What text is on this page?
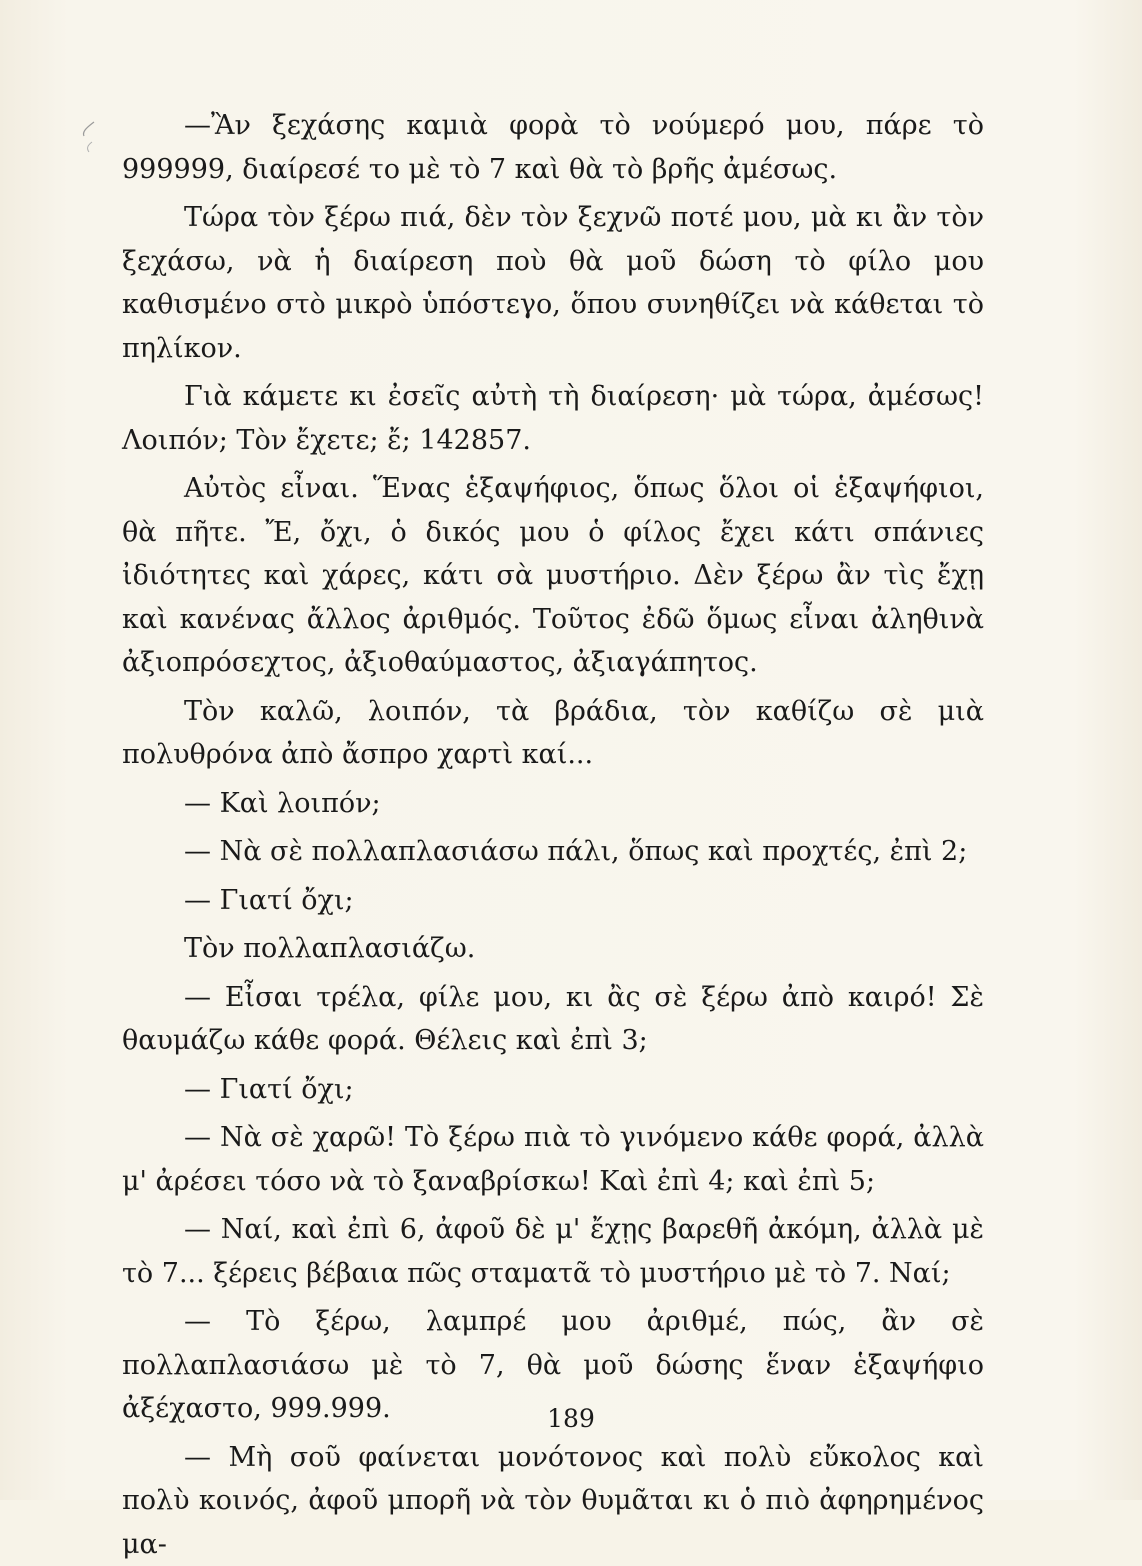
—Ἂν ξεχάσης καμιὰ φορὰ τὸ νούμερό μου, πάρε τὸ 999999, διαίρεσέ το μὲ τὸ 7 καὶ θὰ τὸ βρῆς ἀμέσως.

Τώρα τὸν ξέρω πιά, δὲν τὸν ξεχνῶ ποτέ μου, μὰ κι ἂν τὸν ξεχάσω, νὰ ἡ διαίρεση ποὺ θὰ μοῦ δώση τὸ φίλο μου καθισμένο στὸ μικρὸ ὑπόστεγο, ὅπου συνηθίζει νὰ κάθεται τὸ πηλίκον.

Γιὰ κάμετε κι ἐσεῖς αὐτὴ τὴ διαίρεση· μὰ τώρα, ἀμέσως! Λοιπόν; Τὸν ἔχετε; ἔ; 142857.

Αὐτὸς εἶναι. Ἕνας ἑξαψήφιος, ὅπως ὅλοι οἱ ἑξαψήφιοι, θὰ πῆτε. Ἔ, ὄχι, ὁ δικός μου ὁ φίλος ἔχει κάτι σπάνιες ἰδιότητες καὶ χάρες, κάτι σὰ μυστήριο. Δὲν ξέρω ἂν τὶς ἔχῃ καὶ κανένας ἄλλος ἀριθμός. Τοῦτος ἐδῶ ὅμως εἶναι ἀληθινὰ ἀξιοπρόσεχτος, ἀξιοθαύμαστος, ἀξιαγάπητος.

Τὸν καλῶ, λοιπόν, τὰ βράδια, τὸν καθίζω σὲ μιὰ πολυθρόνα ἀπὸ ἄσπρο χαρτὶ καί...

— Καὶ λοιπόν;

— Νὰ σὲ πολλαπλασιάσω πάλι, ὅπως καὶ προχτές, ἐπὶ 2;

— Γιατί ὄχι;

Τὸν πολλαπλασιάζω.

— Εἶσαι τρέλα, φίλε μου, κι ἂς σὲ ξέρω ἀπὸ καιρό! Σὲ θαυμάζω κάθε φορά. Θέλεις καὶ ἐπὶ 3;

— Γιατί ὄχι;

— Νὰ σὲ χαρῶ! Τὸ ξέρω πιὰ τὸ γινόμενο κάθε φορά, ἀλλὰ μ' ἀρέσει τόσο νὰ τὸ ξαναβρίσκω! Καὶ ἐπὶ 4; καὶ ἐπὶ 5;

— Ναί, καὶ ἐπὶ 6, ἀφοῦ δὲ μ' ἔχῃς βαρεθῆ ἀκόμη, ἀλλὰ μὲ τὸ 7... ξέρεις βέβαια πῶς σταματᾶ τὸ μυστήριο μὲ τὸ 7. Ναί;

— Τὸ ξέρω, λαμπρέ μου ἀριθμέ, πώς, ἂν σὲ πολλαπλασιάσω μὲ τὸ 7, θὰ μοῦ δώσης ἕναν ἑξαψήφιο ἀξέχαστο, 999.999.

— Μὴ σοῦ φαίνεται μονότονος καὶ πολὺ εὔκολος καὶ πολὺ κοινός, ἀφοῦ μπορῆ νὰ τὸν θυμᾶται κι ὁ πιὸ ἀφηρημένος μα-

189
